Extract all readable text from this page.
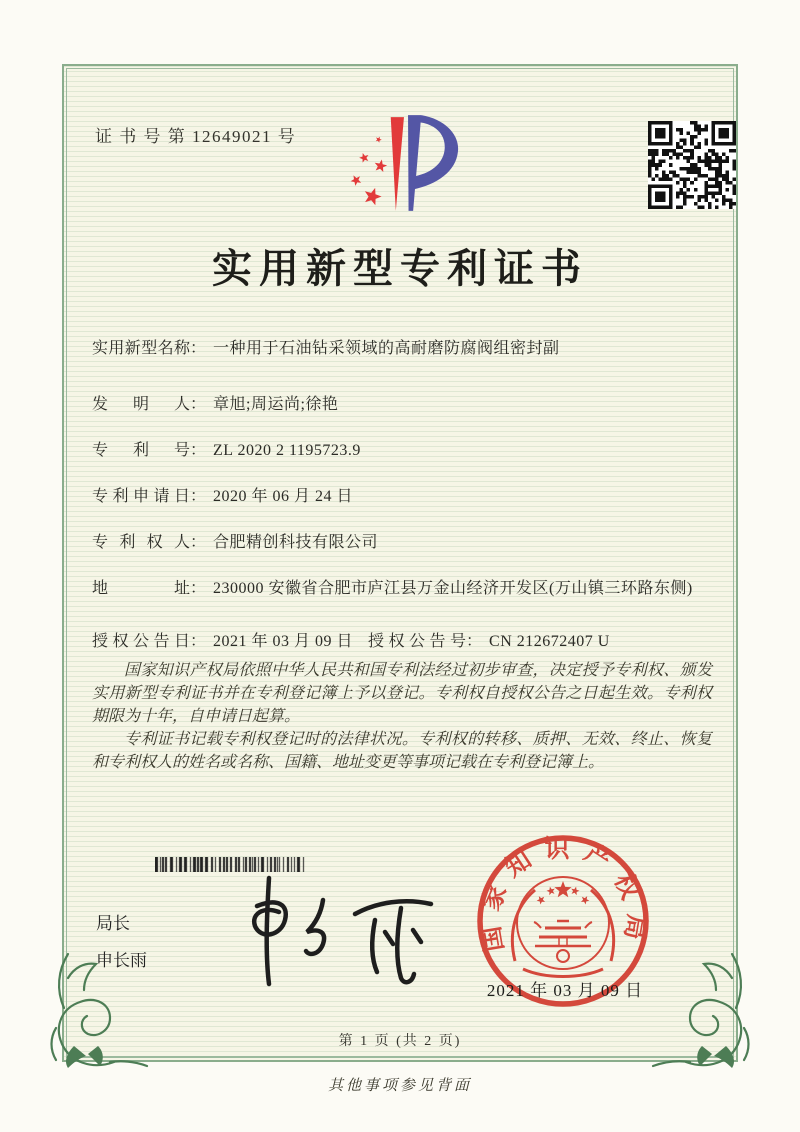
证 书 号 第 12649021 号
实用新型专利证书
实用新型名称 ： 一种用于石油钻采领域的高耐磨防腐阀组密封副
发明人 ： 章旭;周运尚;徐艳
专利号 ： ZL 2020 2 1195723.9
专利申请日 ： 2020 年 06 月 24 日
专利权人 ： 合肥精创科技有限公司
地址 ： 230000 安徽省合肥市庐江县万金山经济开发区(万山镇三环路东侧)
授权公告日 ： 2021 年 03 月 09 日 授权公告号 ： CN 212672407 U

国家知识产权局依照中华人民共和国专利法经过初步审查，决定授予专利权、颁发实用新型专利证书并在专利登记簿上予以登记。专利权自授权公告之日起生效。专利权期限为十年，自申请日起算。

专利证书记载专利权登记时的法律状况。专利权的转移、质押、无效、终止、恢复和专利权人的姓名或名称、国籍、地址变更等事项记载在专利登记簿上。

局长
申长雨
国家知识产权局
2021 年 03 月 09 日
第 1 页 (共 2 页)
其他事项参见背面
